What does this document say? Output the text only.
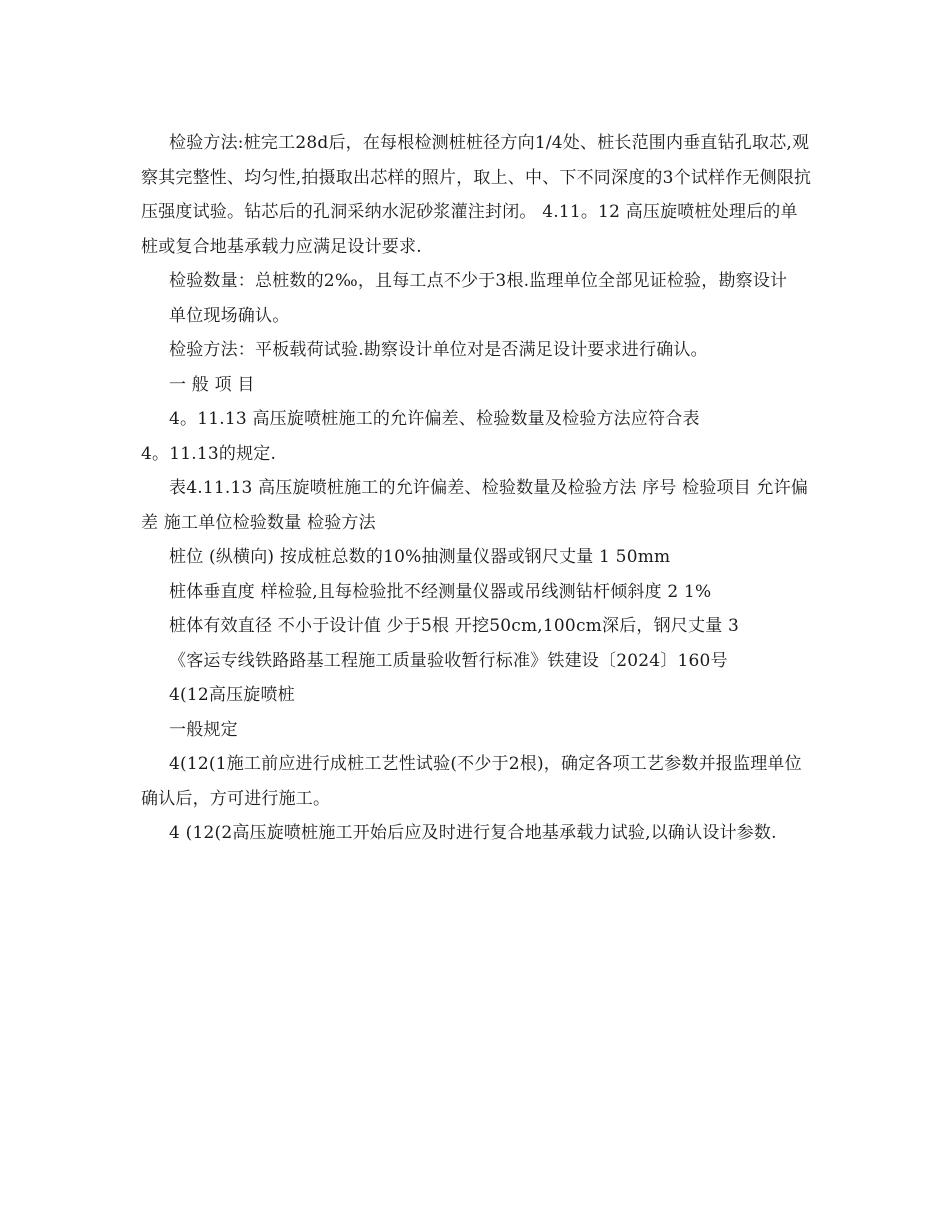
检验方法:桩完工28d后，在每根检测桩桩径方向1/4处、桩长范围内垂直钻孔取芯,观察其完整性、均匀性,拍摄取出芯样的照片，取上、中、下不同深度的3个试样作无侧限抗压强度试验。钻芯后的孔洞采纳水泥砂浆灌注封闭。 4.11。12 高压旋喷桩处理后的单桩或复合地基承载力应满足设计要求.

检验数量：总桩数的2‰，且每工点不少于3根.监理单位全部见证检验，勘察设计

单位现场确认。

检验方法：平板载荷试验.勘察设计单位对是否满足设计要求进行确认。

一 般 项 目

4。11.13 高压旋喷桩施工的允许偏差、检验数量及检验方法应符合表

4。11.13的规定.

表4.11.13 高压旋喷桩施工的允许偏差、检验数量及检验方法 序号 检验项目 允许偏差 施工单位检验数量 检验方法

桩位 (纵横向) 按成桩总数的10%抽测量仪器或钢尺丈量 1 50mm

桩体垂直度 样检验,且每检验批不经测量仪器或吊线测钻杆倾斜度 2 1%

桩体有效直径 不小于设计值 少于5根 开挖50cm,100cm深后，钢尺丈量 3

《客运专线铁路路基工程施工质量验收暂行标准》铁建设〔2024〕160号

4(12高压旋喷桩

一般规定

4(12(1施工前应进行成桩工艺性试验(不少于2根)，确定各项工艺参数并报监理单位确认后，方可进行施工。

4 (12(2高压旋喷桩施工开始后应及时进行复合地基承载力试验,以确认设计参数.
